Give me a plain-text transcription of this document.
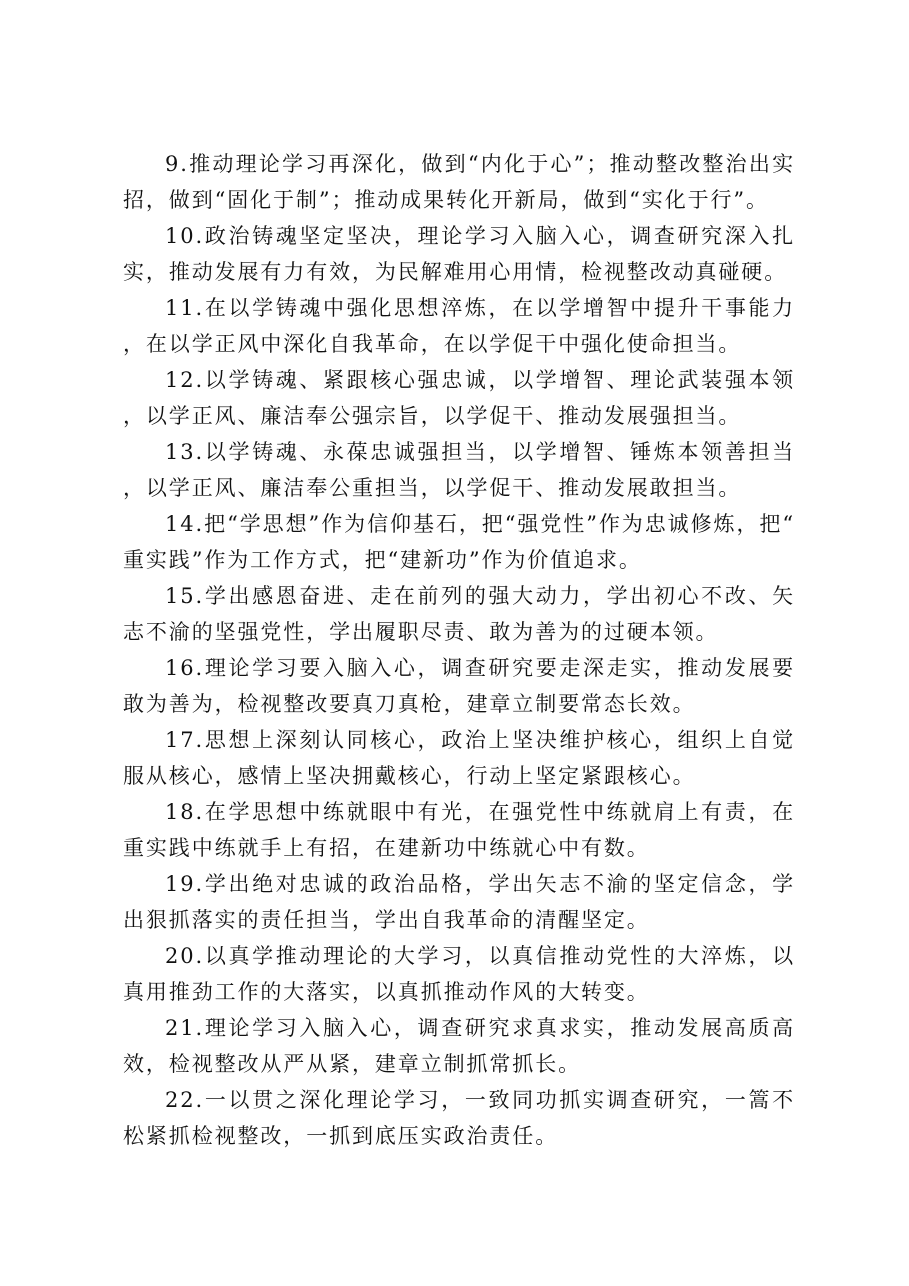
9.推动理论学习再深化，做到“内化于心”；推动整改整治出实招，做到“固化于制”；推动成果转化开新局，做到“实化于行”。

10.政治铸魂坚定坚决，理论学习入脑入心，调查研究深入扎实，推动发展有力有效，为民解难用心用情，检视整改动真碰硬。

11.在以学铸魂中强化思想淬炼，在以学增智中提升干事能力，在以学正风中深化自我革命，在以学促干中强化使命担当。

12.以学铸魂、紧跟核心强忠诚，以学增智、理论武装强本领，以学正风、廉洁奉公强宗旨，以学促干、推动发展强担当。

13.以学铸魂、永葆忠诚强担当，以学增智、锤炼本领善担当，以学正风、廉洁奉公重担当，以学促干、推动发展敢担当。

14.把“学思想”作为信仰基石，把“强党性”作为忠诚修炼，把“重实践”作为工作方式，把“建新功”作为价值追求。

15.学出感恩奋进、走在前列的强大动力，学出初心不改、矢志不渝的坚强党性，学出履职尽责、敢为善为的过硬本领。

16.理论学习要入脑入心，调查研究要走深走实，推动发展要敢为善为，检视整改要真刀真枪，建章立制要常态长效。

17.思想上深刻认同核心，政治上坚决维护核心，组织上自觉服从核心，感情上坚决拥戴核心，行动上坚定紧跟核心。

18.在学思想中练就眼中有光，在强党性中练就肩上有责，在重实践中练就手上有招，在建新功中练就心中有数。

19.学出绝对忠诚的政治品格，学出矢志不渝的坚定信念，学出狠抓落实的责任担当，学出自我革命的清醒坚定。

20.以真学推动理论的大学习，以真信推动党性的大淬炼，以真用推劲工作的大落实，以真抓推动作风的大转变。

21.理论学习入脑入心，调查研究求真求实，推动发展高质高效，检视整改从严从紧，建章立制抓常抓长。

22.一以贯之深化理论学习，一致同功抓实调查研究，一篙不松紧抓检视整改，一抓到底压实政治责任。
